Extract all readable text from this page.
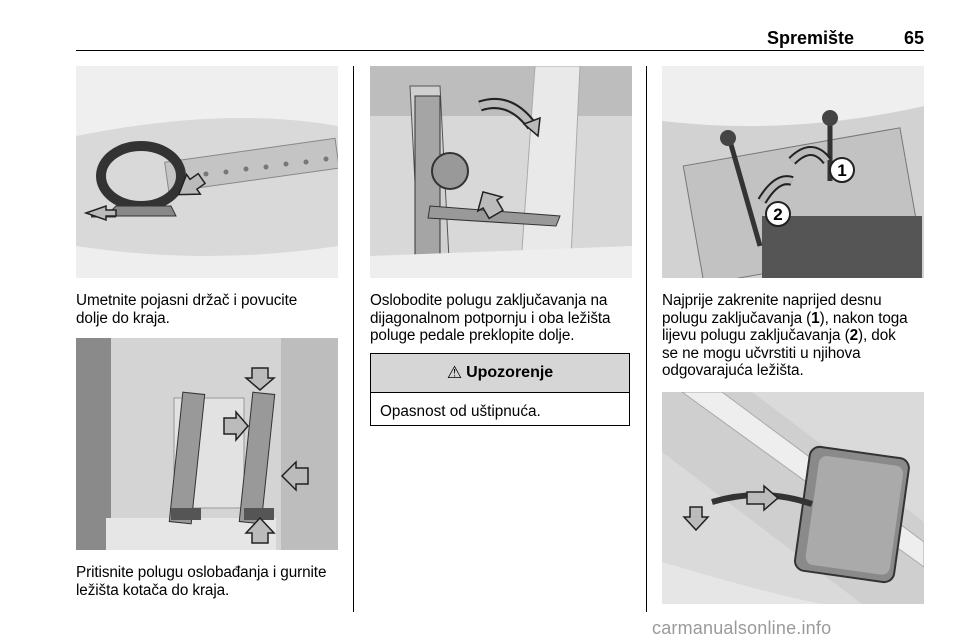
Spremište	65
Umetnite pojasni držač i povucite
dolje do kraja.
Pritisnite polugu oslobađanja i gurnite
ležišta kotača do kraja.
Oslobodite polugu zaključavanja na
dijagonalnom potpornju i oba ležišta
poluge pedale preklopite dolje.
⚠ Upozorenje
Opasnost od uštipnuća.
1
2
Najprije zakrenite naprijed desnu
polugu zaključavanja (1), nakon toga
lijevu polugu zaključavanja (2), dok
se ne mogu učvrstiti u njihova
odgovarajuća ležišta.
carmanualsonline.info
